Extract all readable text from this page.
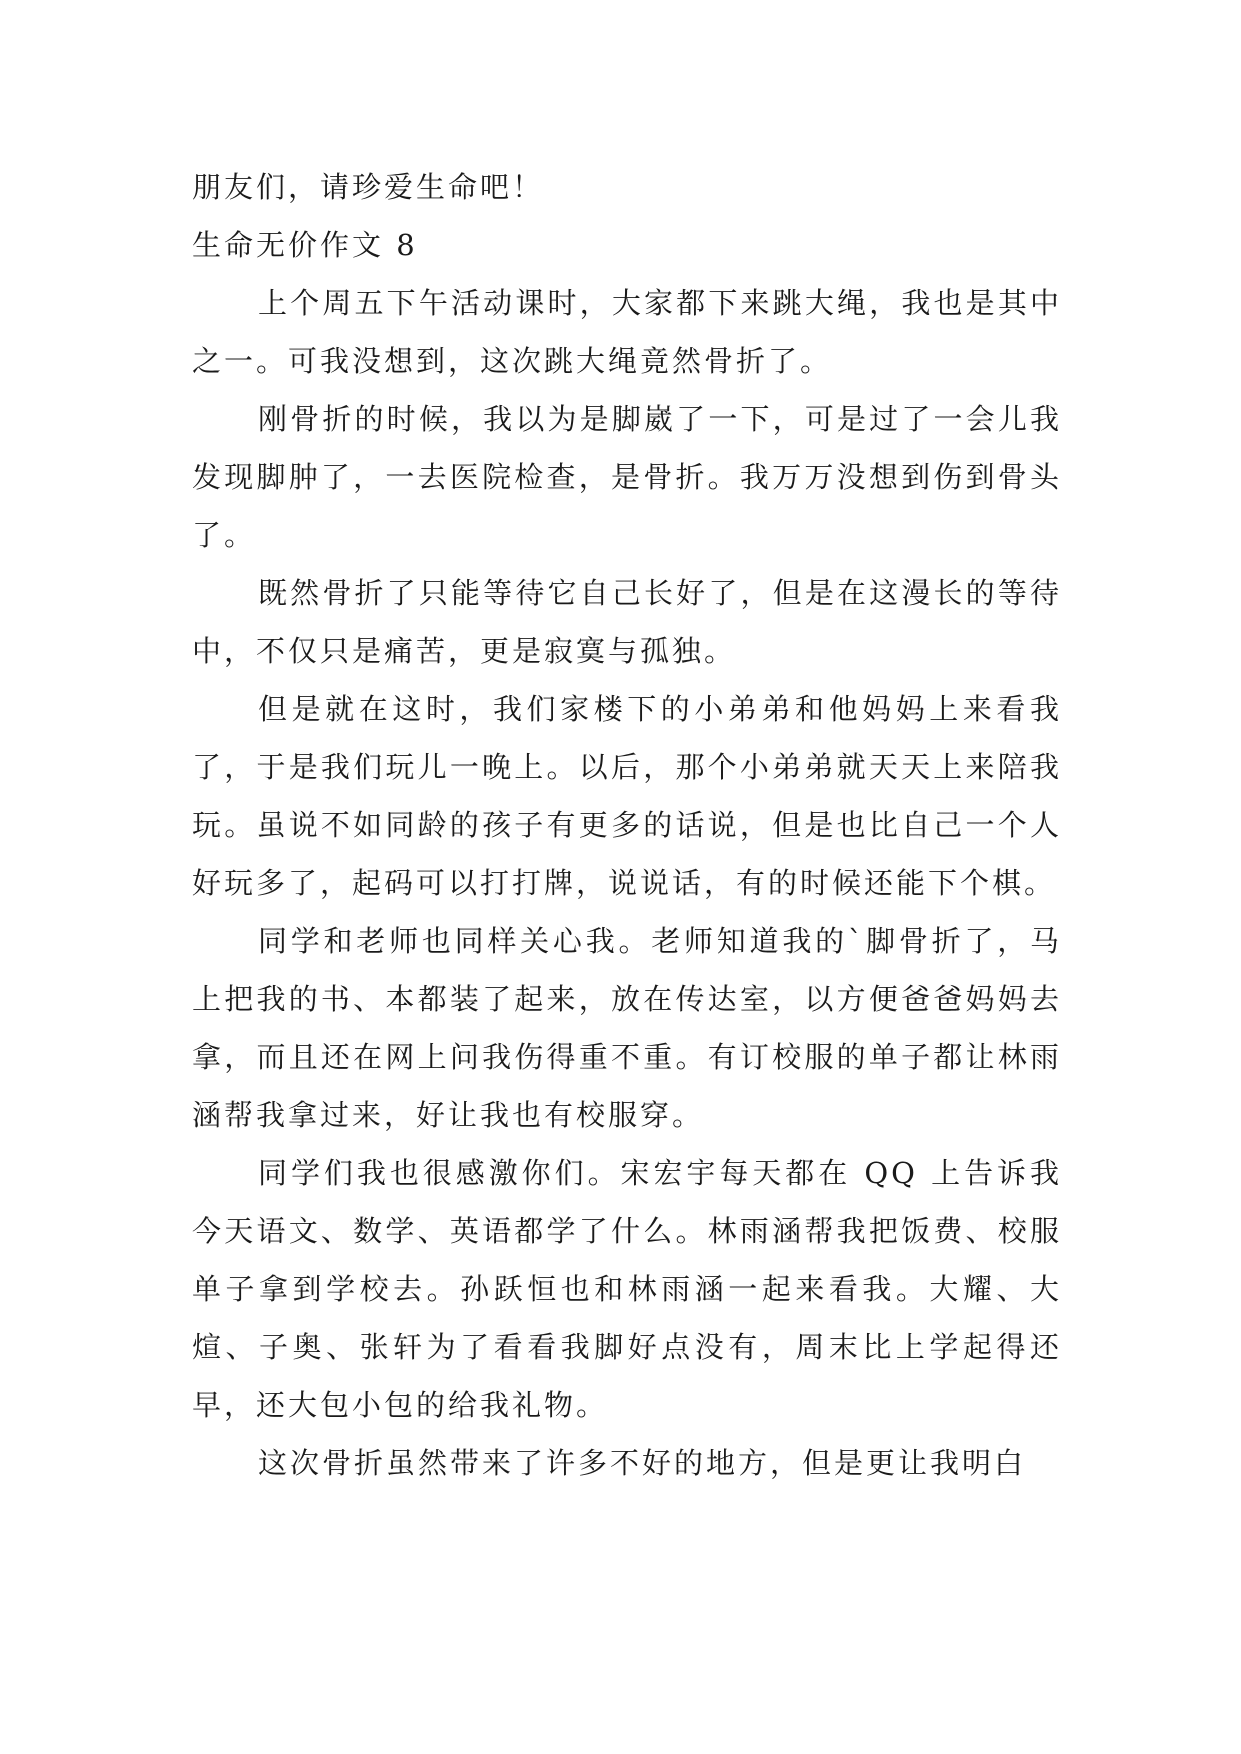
朋友们，请珍爱生命吧！

生命无价作文 8

上个周五下午活动课时，大家都下来跳大绳，我也是其中之一。可我没想到，这次跳大绳竟然骨折了。

刚骨折的时候，我以为是脚崴了一下，可是过了一会儿我发现脚肿了，一去医院检查，是骨折。我万万没想到伤到骨头了。

既然骨折了只能等待它自己长好了，但是在这漫长的等待中，不仅只是痛苦，更是寂寞与孤独。

但是就在这时，我们家楼下的小弟弟和他妈妈上来看我了，于是我们玩儿一晚上。以后，那个小弟弟就天天上来陪我玩。虽说不如同龄的孩子有更多的话说，但是也比自己一个人好玩多了，起码可以打打牌，说说话，有的时候还能下个棋。

同学和老师也同样关心我。老师知道我的`脚骨折了，马上把我的书、本都装了起来，放在传达室，以方便爸爸妈妈去拿，而且还在网上问我伤得重不重。有订校服的单子都让林雨涵帮我拿过来，好让我也有校服穿。

同学们我也很感激你们。宋宏宇每天都在 QQ 上告诉我今天语文、数学、英语都学了什么。林雨涵帮我把饭费、校服单子拿到学校去。孙跃恒也和林雨涵一起来看我。大耀、大煊、子奥、张轩为了看看我脚好点没有，周末比上学起得还早，还大包小包的给我礼物。

这次骨折虽然带来了许多不好的地方，但是更让我明白
